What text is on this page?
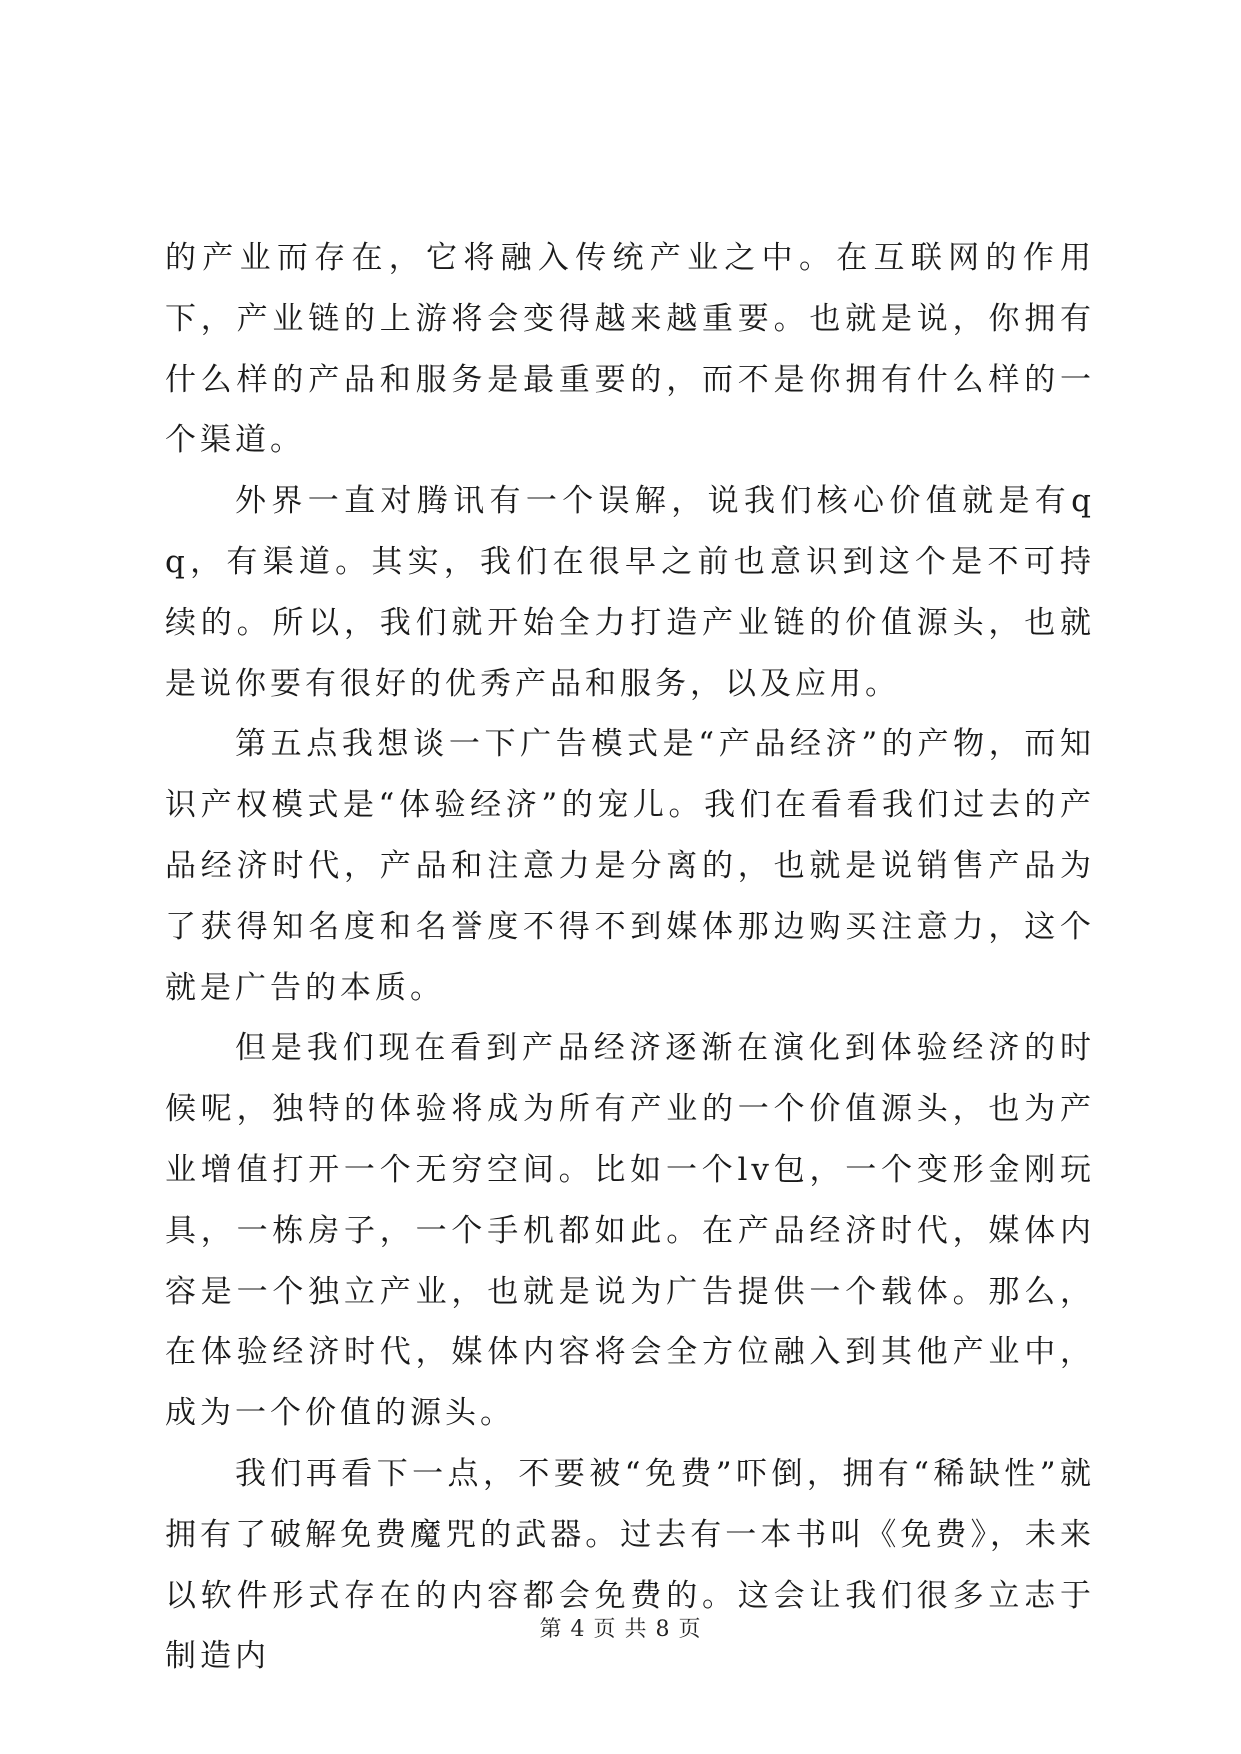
的产业而存在，它将融入传统产业之中。在互联网的作用下，产业链的上游将会变得越来越重要。也就是说，你拥有什么样的产品和服务是最重要的，而不是你拥有什么样的一个渠道。

外界一直对腾讯有一个误解，说我们核心价值就是有qq，有渠道。其实，我们在很早之前也意识到这个是不可持续的。所以，我们就开始全力打造产业链的价值源头，也就是说你要有很好的优秀产品和服务，以及应用。

第五点我想谈一下广告模式是“产品经济”的产物，而知识产权模式是“体验经济”的宠儿。我们在看看我们过去的产品经济时代，产品和注意力是分离的，也就是说销售产品为了获得知名度和名誉度不得不到媒体那边购买注意力，这个就是广告的本质。

但是我们现在看到产品经济逐渐在演化到体验经济的时候呢，独特的体验将成为所有产业的一个价值源头，也为产业增值打开一个无穷空间。比如一个lv包，一个变形金刚玩具，一栋房子，一个手机都如此。在产品经济时代，媒体内容是一个独立产业，也就是说为广告提供一个载体。那么，在体验经济时代，媒体内容将会全方位融入到其他产业中，成为一个价值的源头。

我们再看下一点，不要被“免费”吓倒，拥有“稀缺性”就拥有了破解免费魔咒的武器。过去有一本书叫《免费》，未来以软件形式存在的内容都会免费的。这会让我们很多立志于制造内

第 4 页 共 8 页
